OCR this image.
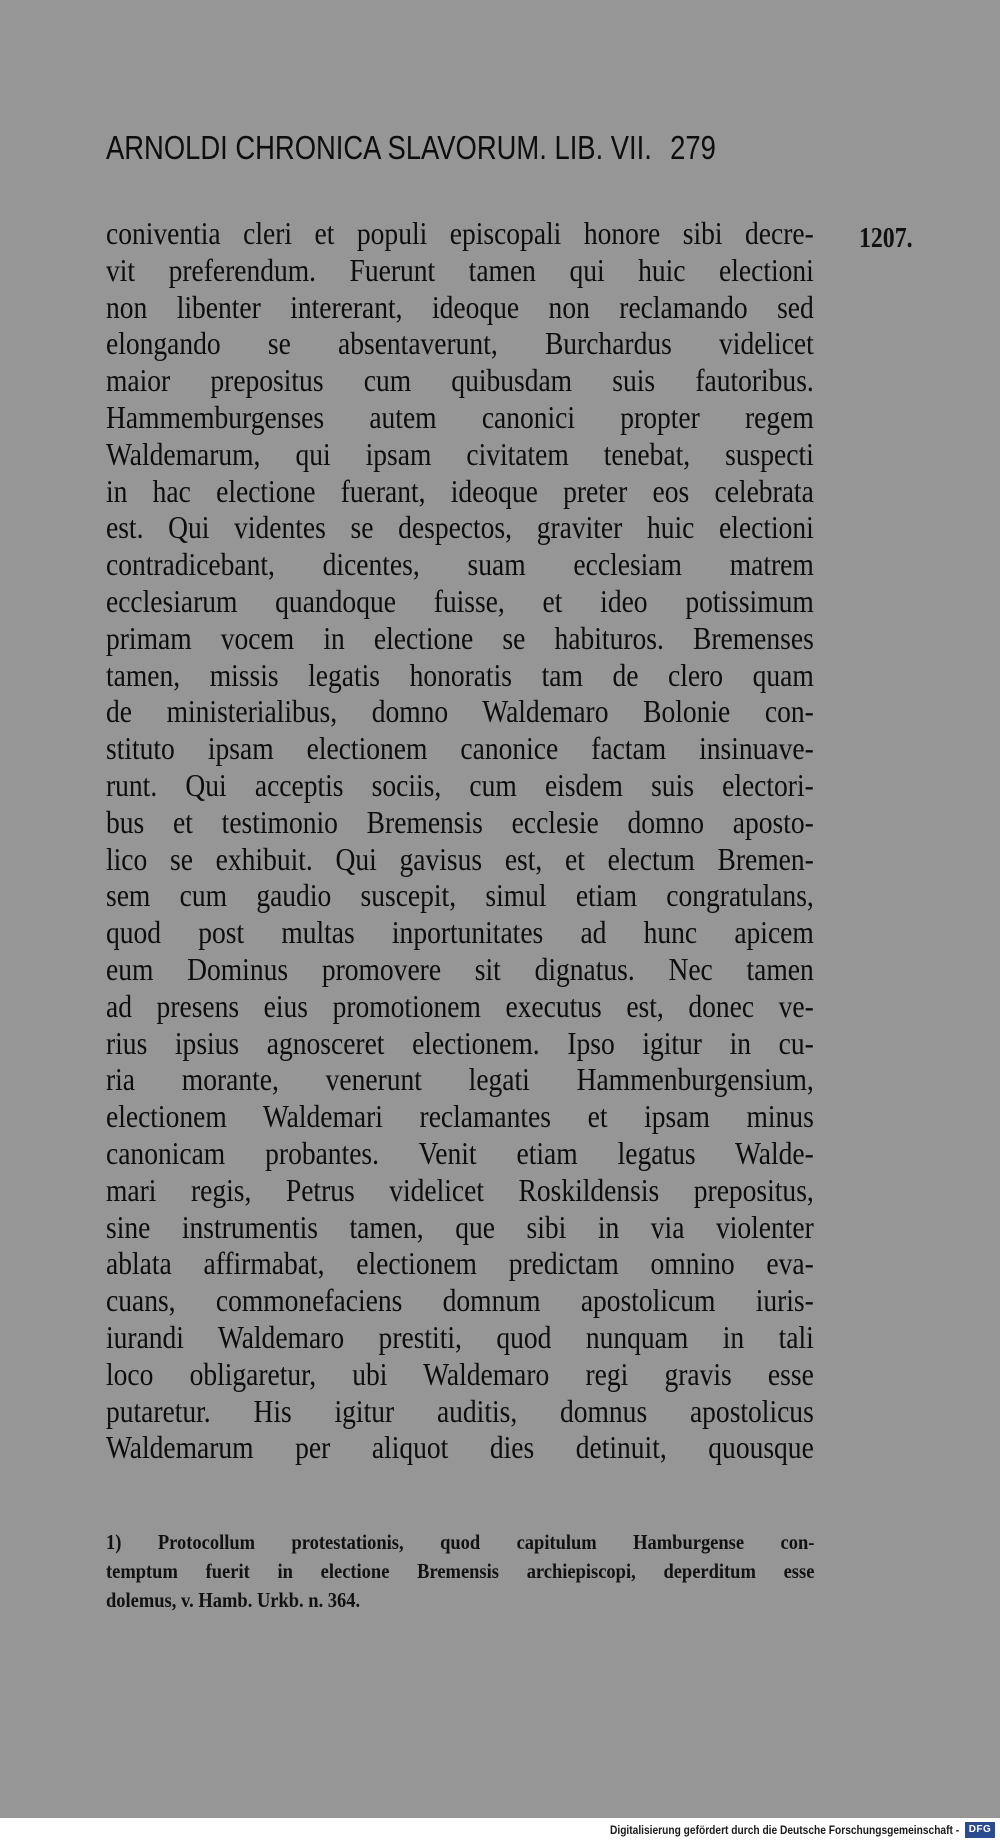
ARNOLDI CHRONICA SLAVORUM. LIB. VII. 279
1207.
coniventia cleri et populi episcopali honore sibi decre-
vit preferendum. Fuerunt tamen qui huic electioni
non libenter intererant, ideoque non reclamando sed
elongando se absentaverunt, Burchardus videlicet
maior prepositus cum quibusdam suis fautoribus.
Hammemburgenses autem canonici propter regem
Waldemarum, qui ipsam civitatem tenebat, suspecti
in hac electione fuerant, ideoque preter eos celebrata
est. Qui videntes se despectos, graviter huic electioni
contradicebant, dicentes, suam ecclesiam matrem
ecclesiarum quandoque fuisse, et ideo potissimum
primam vocem in electione se habituros. Bremenses
tamen, missis legatis honoratis tam de clero quam
de ministerialibus, domno Waldemaro Bolonie con-
stituto ipsam electionem canonice factam insinuave-
runt. Qui acceptis sociis, cum eisdem suis electori-
bus et testimonio Bremensis ecclesie domno aposto-
lico se exhibuit. Qui gavisus est, et electum Bremen-
sem cum gaudio suscepit, simul etiam congratulans,
quod post multas inportunitates ad hunc apicem
eum Dominus promovere sit dignatus. Nec tamen
ad presens eius promotionem executus est, donec ve-
rius ipsius agnosceret electionem. Ipso igitur in cu-
ria morante, venerunt legati Hammenburgensium,
electionem Waldemari reclamantes et ipsam minus
canonicam probantes. Venit etiam legatus Walde-
mari regis, Petrus videlicet Roskildensis prepositus,
sine instrumentis tamen, que sibi in via violenter
ablata affirmabat, electionem predictam omnino eva-
cuans, commonefaciens domnum apostolicum iuris-
iurandi Waldemaro prestiti, quod nunquam in tali
loco obligaretur, ubi Waldemaro regi gravis esse
putaretur. His igitur auditis, domnus apostolicus
Waldemarum per aliquot dies detinuit, quousque
1) Protocollum protestationis, quod capitulum Hamburgense con-
temptum fuerit in electione Bremensis archiepiscopi, deperditum esse
dolemus, v. Hamb. Urkb. n. 364.
Digitalisierung gefördert durch die Deutsche Forschungsgemeinschaft - DFG
